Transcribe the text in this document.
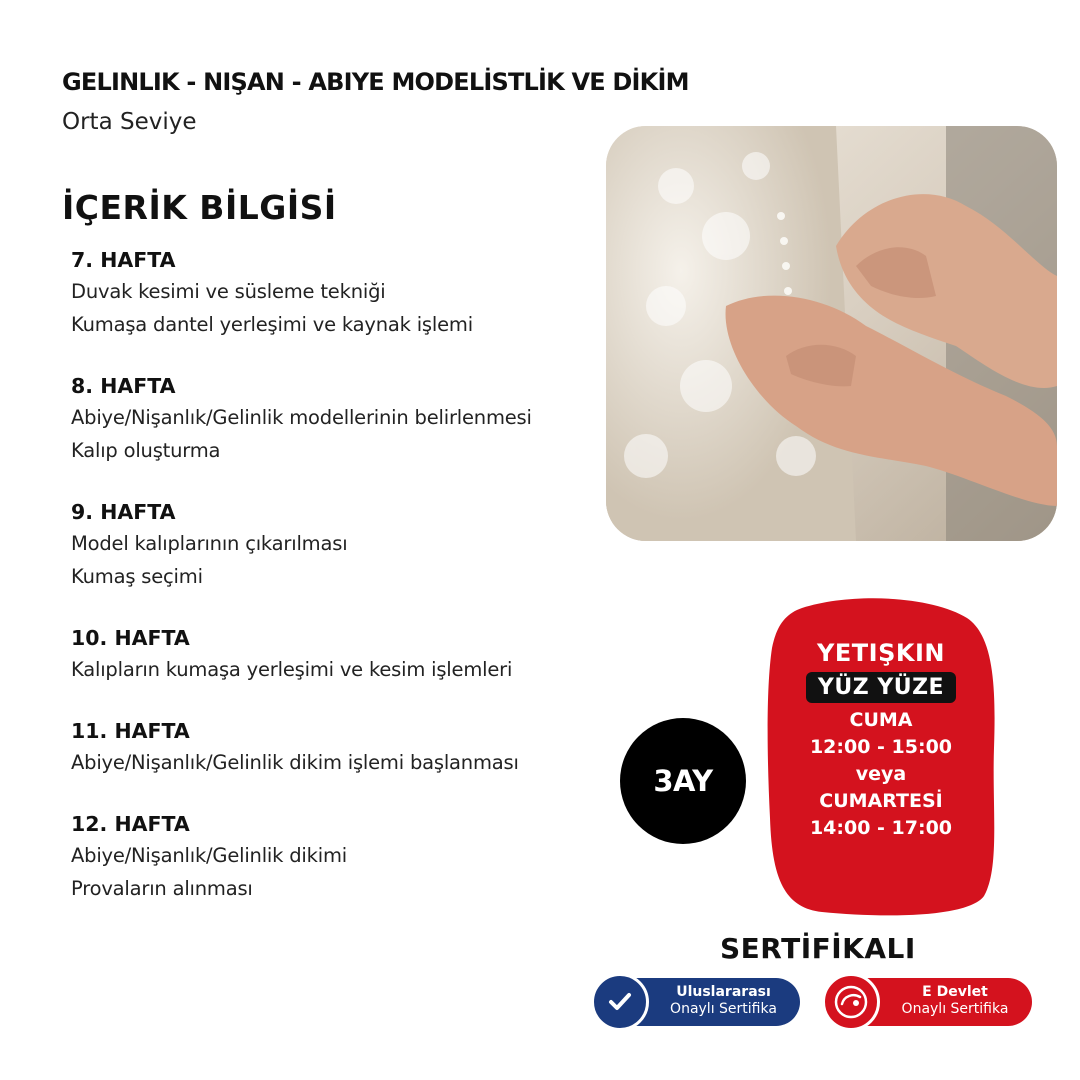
GELINLIK - NIŞAN - ABIYE MODELİSTLİK VE DİKİM
Orta Seviye
İÇERİK BİLGİSİ
7. HAFTA
Duvak kesimi ve süsleme tekniği
Kumaşa dantel yerleşimi ve kaynak işlemi
8. HAFTA
Abiye/Nişanlık/Gelinlik modellerinin belirlenmesi
Kalıp oluşturma
9. HAFTA
Model kalıplarının çıkarılması
Kumaş seçimi
10. HAFTA
Kalıpların kumaşa yerleşimi ve kesim işlemleri
11. HAFTA
Abiye/Nişanlık/Gelinlik dikim işlemi başlanması
12. HAFTA
Abiye/Nişanlık/Gelinlik dikimi
Provaların alınması
YETIŞKIN
YÜZ YÜZE
CUMA
12:00 - 15:00
veya
CUMARTESİ
14:00 - 17:00
3AY
SERTİFİKALI
Uluslararası
Onaylı Sertifika
E Devlet
Onaylı Sertifika
